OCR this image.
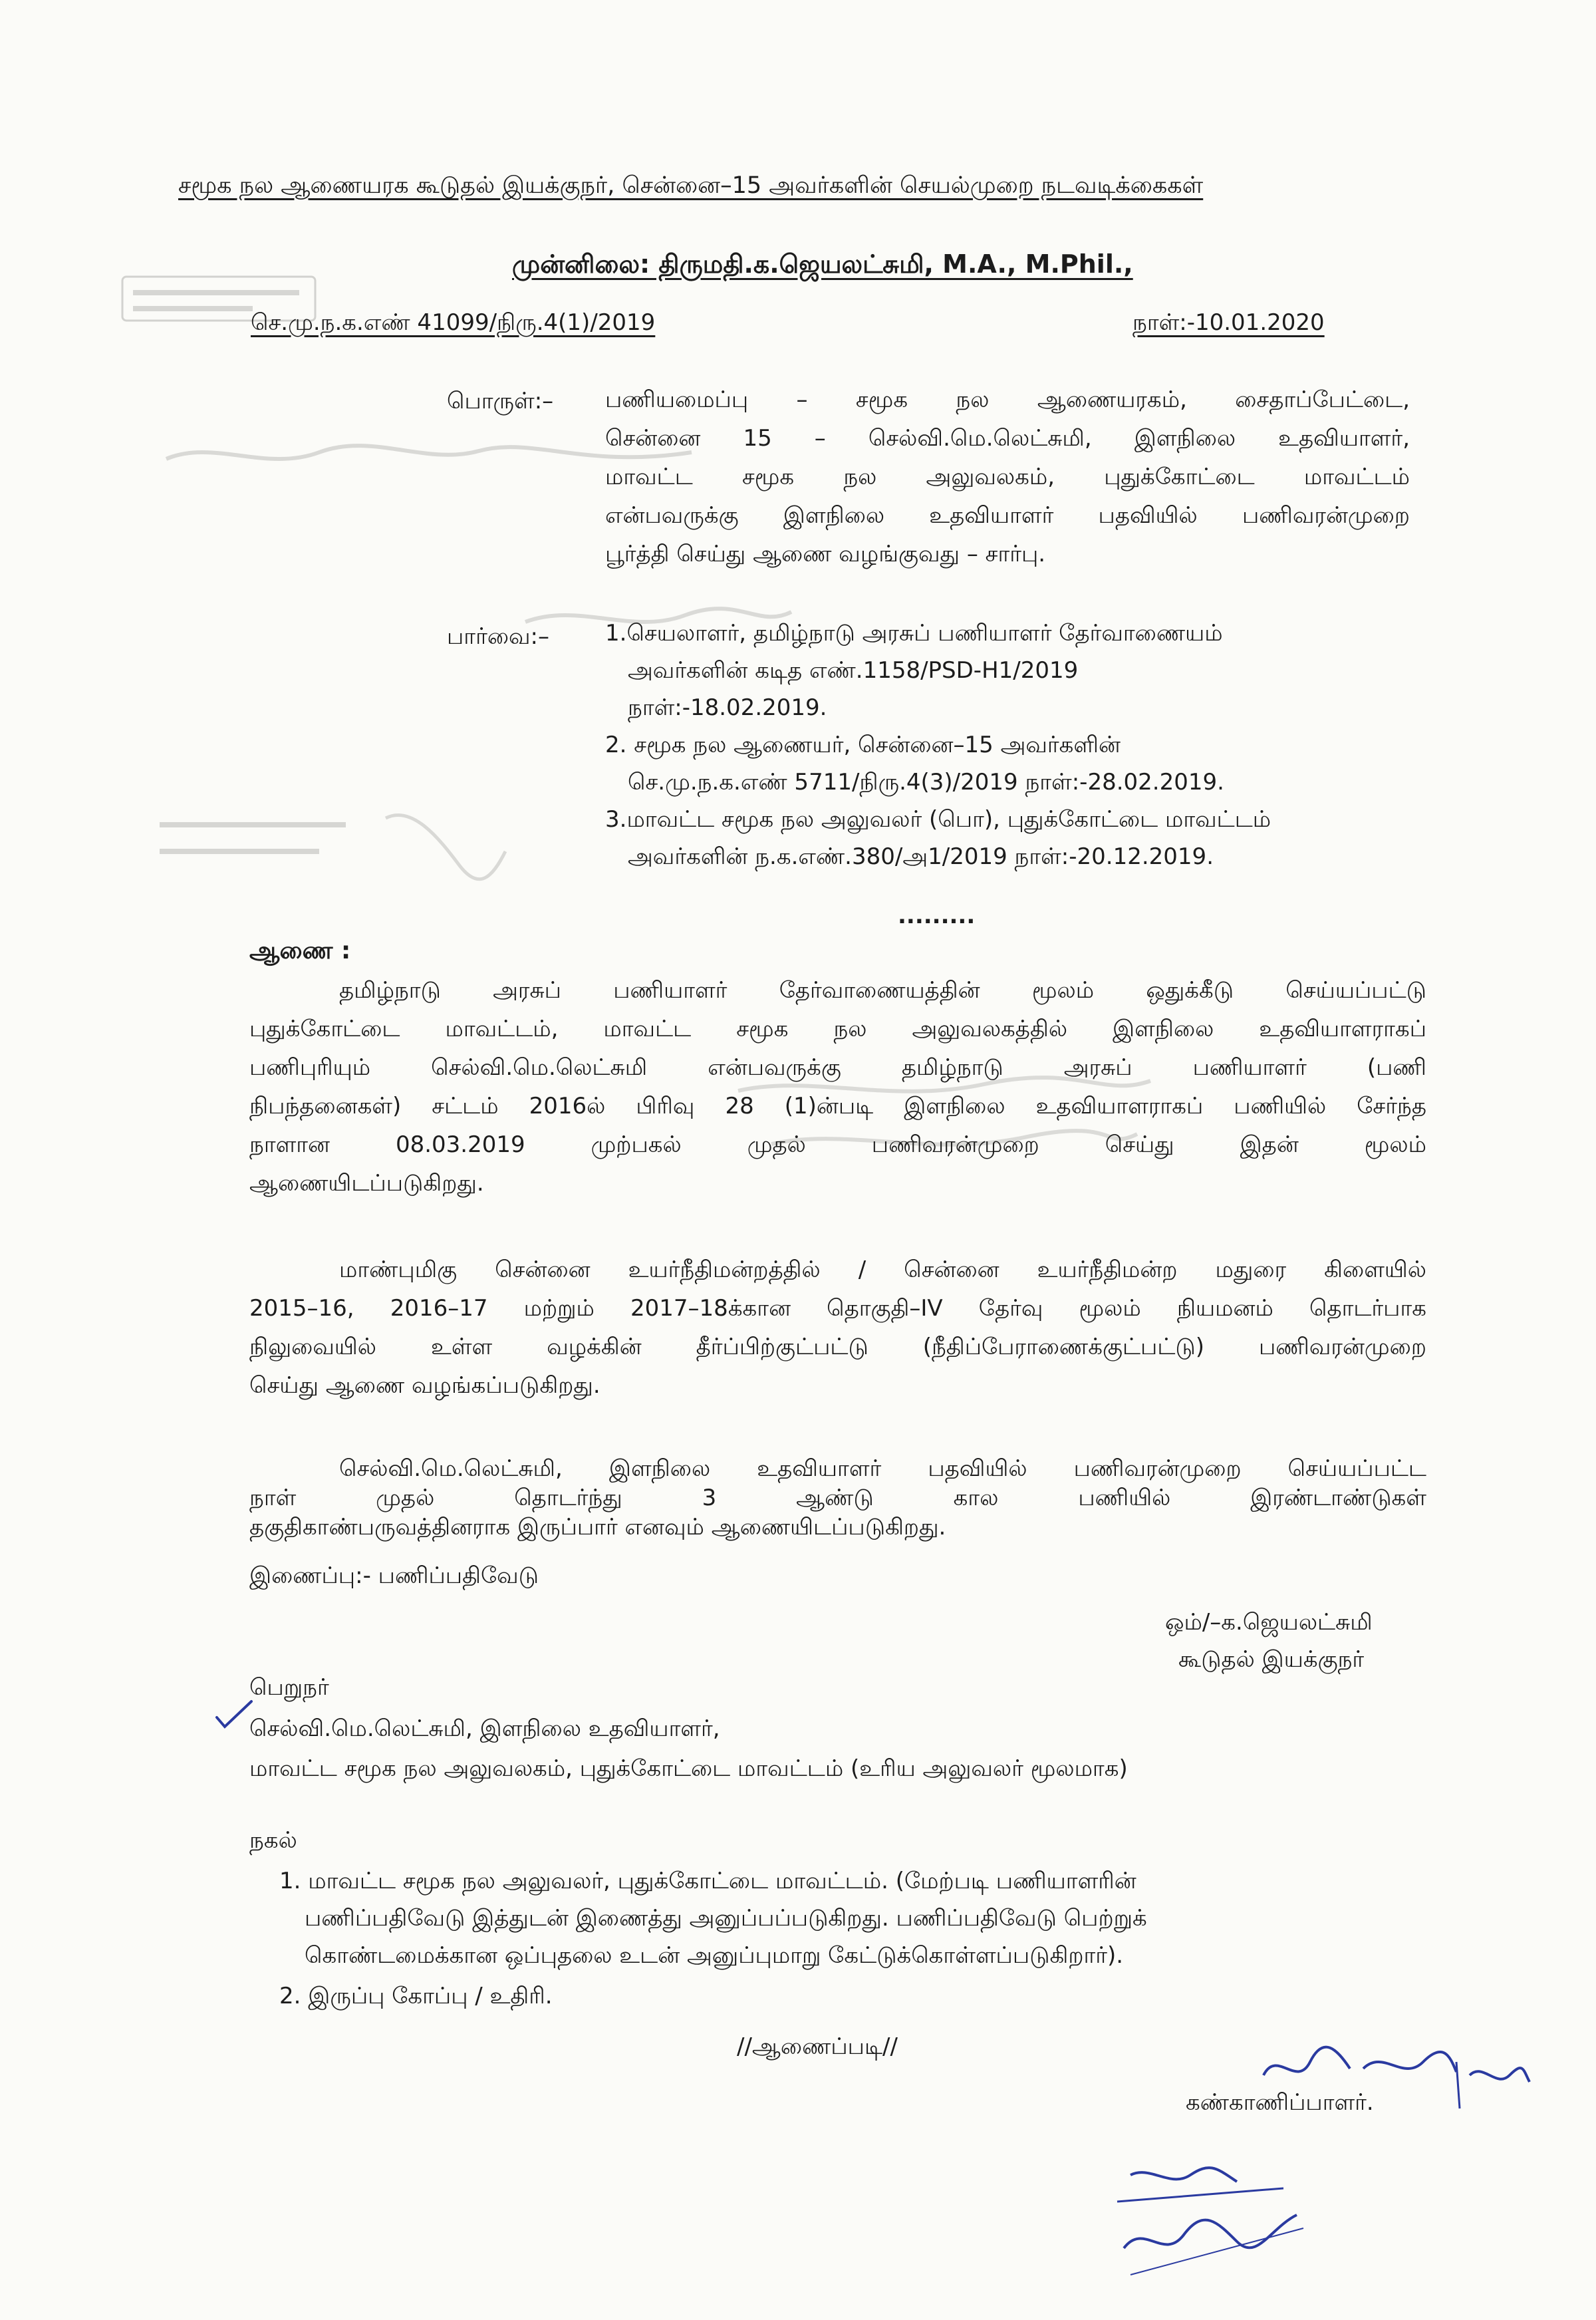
சமூக நல ஆணையரக கூடுதல் இயக்குநர், சென்னை–15 அவர்களின் செயல்முறை நடவடிக்கைகள்
முன்னிலை: திருமதி.க.ஜெயலட்சுமி, M.A., M.Phil.,
செ.மு.ந.க.எண் 41099/நிரு.4(1)/2019	நாள்:-10.01.2020
பொருள்:– பணியமைப்பு – சமூக நல ஆணையரகம், சைதாப்பேட்டை,
சென்னை 15 – செல்வி.மெ.லெட்சுமி, இளநிலை உதவியாளர்,
மாவட்ட சமூக நல அலுவலகம், புதுக்கோட்டை மாவட்டம்
என்பவருக்கு இளநிலை உதவியாளர் பதவியில் பணிவரன்முறை
பூர்த்தி செய்து ஆணை வழங்குவது – சார்பு.
பார்வை:– 1.செயலாளர், தமிழ்நாடு அரசுப் பணியாளர் தேர்வாணையம்
அவர்களின் கடித எண்.1158/PSD-H1/2019
நாள்:-18.02.2019.
2. சமூக நல ஆணையர், சென்னை–15 அவர்களின்
செ.மு.ந.க.எண் 5711/நிரு.4(3)/2019 நாள்:-28.02.2019.
3.மாவட்ட சமூக நல அலுவலர் (பொ), புதுக்கோட்டை மாவட்டம்
அவர்களின் ந.க.எண்.380/அ1/2019 நாள்:-20.12.2019.
.........
ஆணை :
தமிழ்நாடு அரசுப் பணியாளர் தேர்வாணையத்தின் மூலம் ஒதுக்கீடு செய்யப்பட்டு
புதுக்கோட்டை மாவட்டம், மாவட்ட சமூக நல அலுவலகத்தில் இளநிலை உதவியாளராகப்
பணிபுரியும் செல்வி.மெ.லெட்சுமி என்பவருக்கு தமிழ்நாடு அரசுப் பணியாளர் (பணி
நிபந்தனைகள்) சட்டம் 2016ல் பிரிவு 28 (1)ன்படி இளநிலை உதவியாளராகப் பணியில் சேர்ந்த
நாளான 08.03.2019 முற்பகல் முதல் பணிவரன்முறை செய்து இதன் மூலம்
ஆணையிடப்படுகிறது.
மாண்புமிகு சென்னை உயர்நீதிமன்றத்தில் / சென்னை உயர்நீதிமன்ற மதுரை கிளையில்
2015–16, 2016–17 மற்றும் 2017–18க்கான தொகுதி–IV தேர்வு மூலம் நியமனம் தொடர்பாக
நிலுவையில் உள்ள வழக்கின் தீர்ப்பிற்குட்பட்டு (நீதிப்பேராணைக்குட்பட்டு) பணிவரன்முறை
செய்து ஆணை வழங்கப்படுகிறது.
செல்வி.மெ.லெட்சுமி, இளநிலை உதவியாளர் பதவியில் பணிவரன்முறை செய்யப்பட்ட
நாள் முதல் தொடர்ந்து 3 ஆண்டு கால பணியில் இரண்டாண்டுகள்
தகுதிகாண்பருவத்தினராக இருப்பார் எனவும் ஆணையிடப்படுகிறது.
இணைப்பு:- பணிப்பதிவேடு
ஒம்/–க.ஜெயலட்சுமி
கூடுதல் இயக்குநர்
பெறுநர்
செல்வி.மெ.லெட்சுமி, இளநிலை உதவியாளர்,
மாவட்ட சமூக நல அலுவலகம், புதுக்கோட்டை மாவட்டம் (உரிய அலுவலர் மூலமாக)
நகல்
1. மாவட்ட சமூக நல அலுவலர், புதுக்கோட்டை மாவட்டம். (மேற்படி பணியாளரின்
பணிப்பதிவேடு இத்துடன் இணைத்து அனுப்பப்படுகிறது. பணிப்பதிவேடு பெற்றுக்
கொண்டமைக்கான ஒப்புதலை உடன் அனுப்புமாறு கேட்டுக்கொள்ளப்படுகிறார்).
2. இருப்பு கோப்பு / உதிரி.
//ஆணைப்படி//
கண்காணிப்பாளர்.
